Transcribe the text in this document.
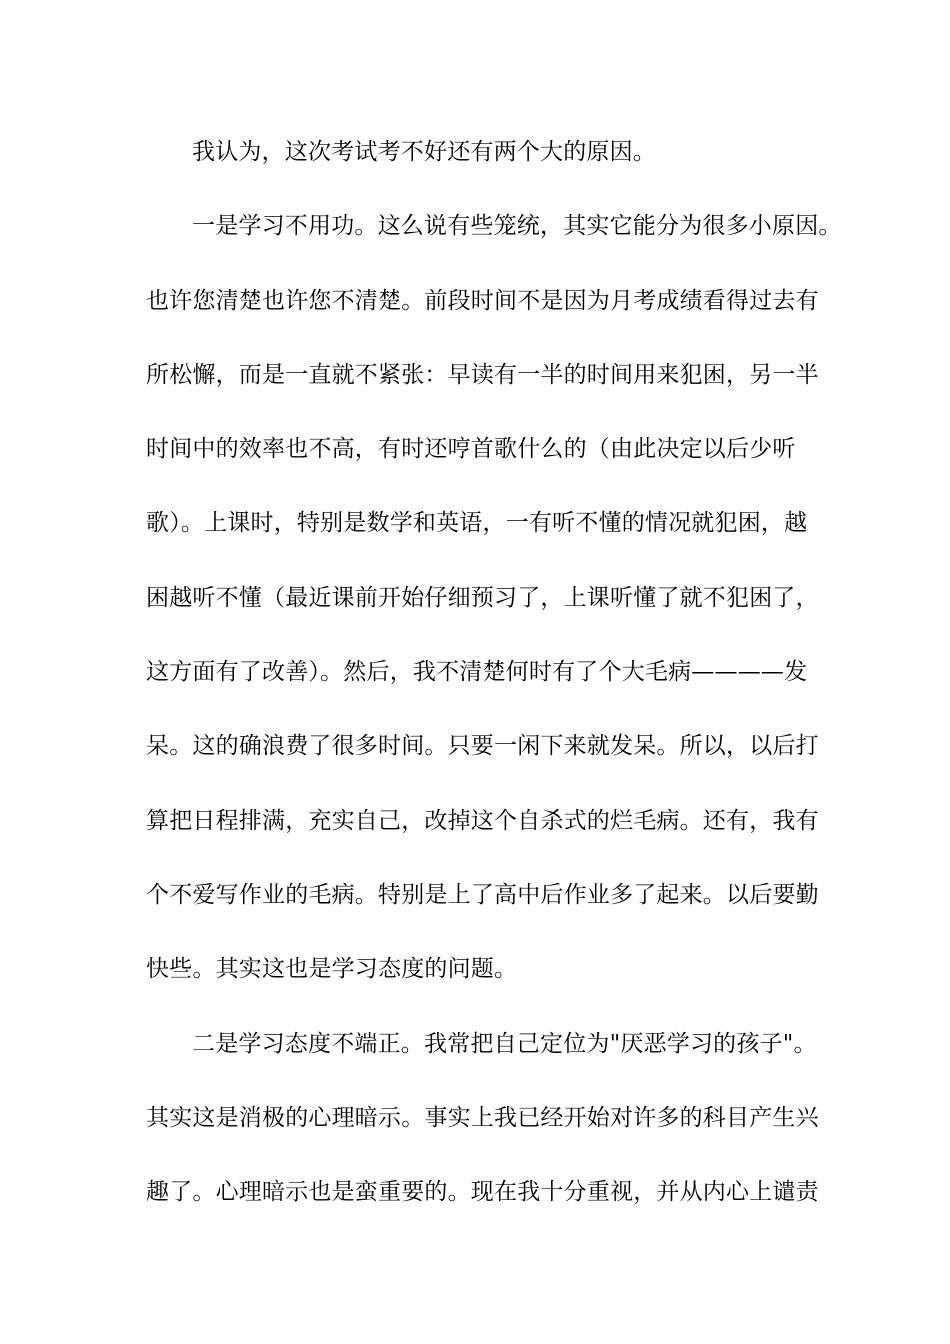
我认为，这次考试考不好还有两个大的原因。
一是学习不用功。这么说有些笼统，其实它能分为很多小原因。
也许您清楚也许您不清楚。前段时间不是因为月考成绩看得过去有
所松懈，而是一直就不紧张：早读有一半的时间用来犯困，另一半
时间中的效率也不高，有时还哼首歌什么的（由此决定以后少听
歌）。上课时，特别是数学和英语，一有听不懂的情况就犯困，越
困越听不懂（最近课前开始仔细预习了，上课听懂了就不犯困了，
这方面有了改善）。然后，我不清楚何时有了个大毛病————发
呆。这的确浪费了很多时间。只要一闲下来就发呆。所以，以后打
算把日程排满，充实自己，改掉这个自杀式的烂毛病。还有，我有
个不爱写作业的毛病。特别是上了高中后作业多了起来。以后要勤
快些。其实这也是学习态度的问题。
二是学习态度不端正。我常把自己定位为"厌恶学习的孩子"。
其实这是消极的心理暗示。事实上我已经开始对许多的科目产生兴
趣了。心理暗示也是蛮重要的。现在我十分重视，并从内心上谴责
